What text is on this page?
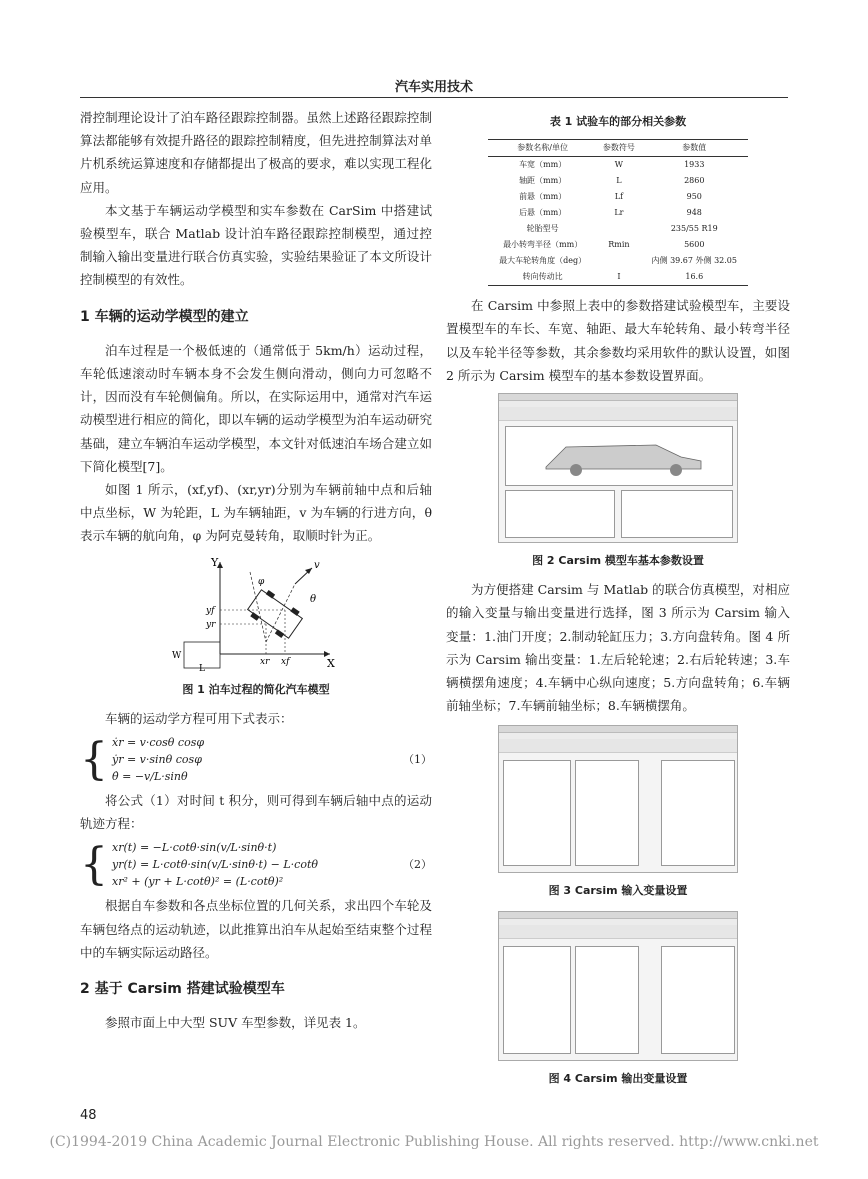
汽车实用技术

滑控制理论设计了泊车路径跟踪控制器。虽然上述路径跟踪控制算法都能够有效提升路径的跟踪控制精度，但先进控制算法对单片机系统运算速度和存储都提出了极高的要求，难以实现工程化应用。

本文基于车辆运动学模型和实车参数在 CarSim 中搭建试验模型车，联合 Matlab 设计泊车路径跟踪控制模型，通过控制输入输出变量进行联合仿真实验，实验结果验证了本文所设计控制模型的有效性。

1 车辆的运动学模型的建立

泊车过程是一个极低速的（通常低于 5km/h）运动过程，车轮低速滚动时车辆本身不会发生侧向滑动，侧向力可忽略不计，因而没有车轮侧偏角。所以，在实际运用中，通常对汽车运动模型进行相应的简化，即以车辆的运动学模型为泊车运动研究基础，建立车辆泊车运动学模型，本文针对低速泊车场合建立如下简化模型[7]。

如图 1 所示，(xf,yf)、(xr,yr)分别为车辆前轴中点和后轴中点坐标，W 为轮距，L 为车辆轴距，v 为车辆的行进方向，θ 表示车辆的航向角，φ 为阿克曼转角，取顺时针为正。

Y
X
W
L
v
θ
φ
yf
yr
xr xf
图 1 泊车过程的简化汽车模型

车辆的运动学方程可用下式表示：

{ ẋr = v·cosθ cosφ
ẏr = v·sinθ cosφ
θ̇ = −v/L·sinθ
（1）

将公式（1）对时间 t 积分，则可得到车辆后轴中点的运动轨迹方程：

{ xr(t) = −L·cotθ·sin(v/L·sinθ·t)
yr(t) = L·cotθ·sin(v/L·sinθ·t) − L·cotθ
xr² + (yr + L·cotθ)² = (L·cotθ)²
（2）

根据自车参数和各点坐标位置的几何关系，求出四个车轮及车辆包络点的运动轨迹，以此推算出泊车从起始至结束整个过程中的车辆实际运动路径。

2 基于 Carsim 搭建试验模型车

参照市面上中大型 SUV 车型参数，详见表 1。

表 1 试验车的部分相关参数
参数名称/单位	参数符号	参数值
车宽（mm）	W	1933
轴距（mm）	L	2860
前悬（mm）	Lf	950
后悬（mm）	Lr	948
轮胎型号		235/55 R19
最小转弯半径（mm）	Rmin	5600
最大车轮转角度（deg）		内侧 39.67 外侧 32.05
转向传动比	I	16.6

在 Carsim 中参照上表中的参数搭建试验模型车，主要设置模型车的车长、车宽、轴距、最大车轮转角、最小转弯半径以及车轮半径等参数，其余参数均采用软件的默认设置，如图 2 所示为 Carsim 模型车的基本参数设置界面。

图 2 Carsim 模型车基本参数设置

为方便搭建 Carsim 与 Matlab 的联合仿真模型，对相应的输入变量与输出变量进行选择，图 3 所示为 Carsim 输入变量：1.油门开度；2.制动轮缸压力；3.方向盘转角。图 4 所示为 Carsim 输出变量：1.左后轮轮速；2.右后轮转速；3.车辆横摆角速度；4.车辆中心纵向速度；5.方向盘转角；6.车辆前轴坐标；7.车辆前轴坐标；8.车辆横摆角。

图 3 Carsim 输入变量设置
图 4 Carsim 输出变量设置
48
(C)1994-2019 China Academic Journal Electronic Publishing House. All rights reserved. http://www.cnki.net
